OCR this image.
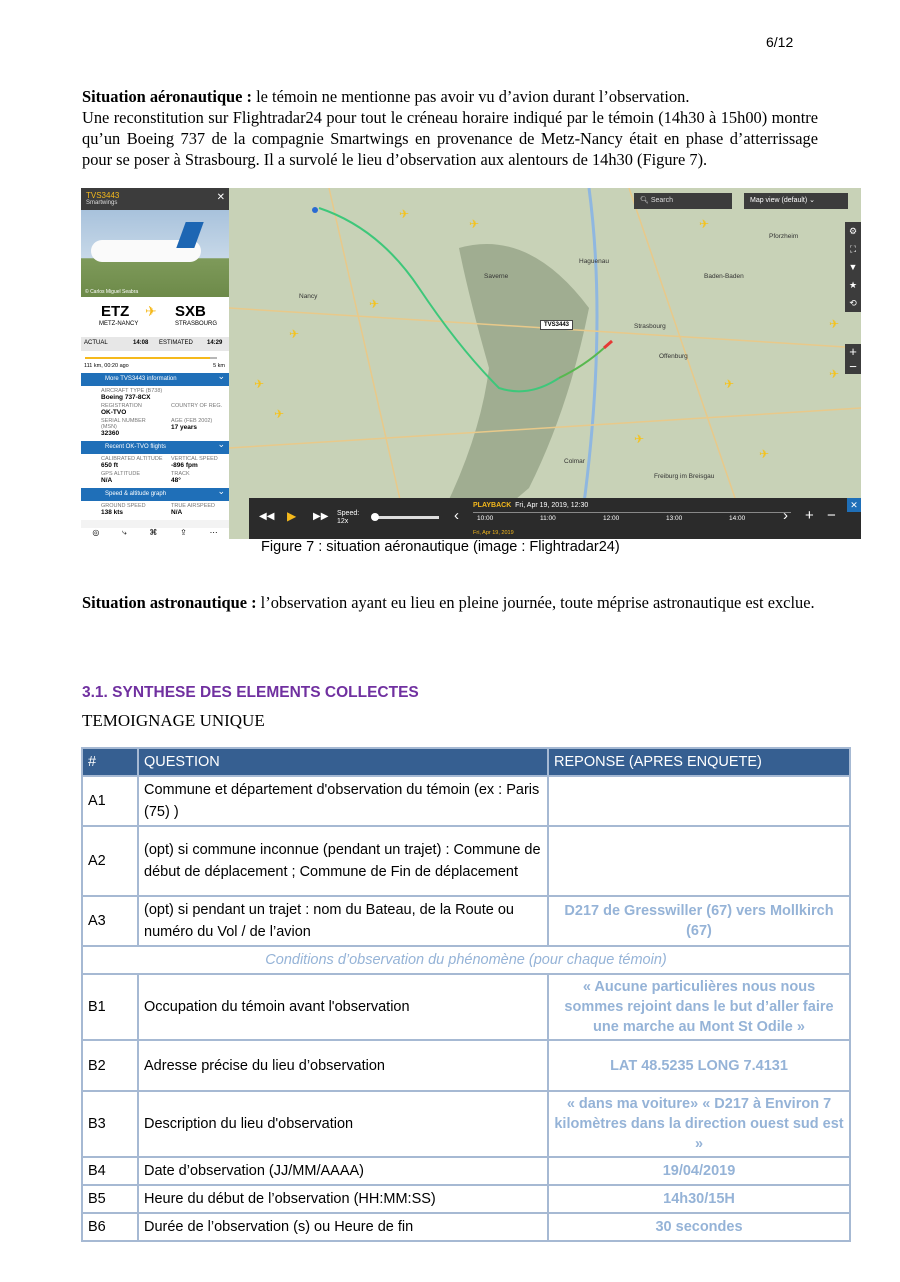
6/12
Situation aéronautique : le témoin ne mentionne pas avoir vu d’avion durant l’observation.
Une reconstitution sur Flightradar24 pour tout le créneau horaire indiqué par le témoin (14h30 à 15h00) montre qu’un Boeing 737 de la compagnie Smartwings en provenance de Metz-Nancy était en phase d’atterrissage pour se poser à Strasbourg. Il a survolé le lieu d’observation aux alentours de 14h30 (Figure 7).
Nancy
Saverne
Haguenau
Strasbourg
Offenburg
Colmar
Freiburg im Breisgau
Pforzheim
Baden-Baden
✈
✈	✈
✈
✈
✈
✈
✈
✈
✈
✈
✈
TVS3443
🔍︎ Search	Map view (default) ⌄
⚙
⛶
▼
★
⟲
+
−
TVS3443
Smartwings	✕
© Carlos Miguel Seabra
ETZ
METZ-NANCY
✈ SXB
STRASBOURG
ACTUAL	14:08 ESTIMATED 14:29
111 km, 00:20 ago	5 km
More TVS3443 information ⌄
AIRCRAFT TYPE (B738)
Boeing 737-8CX
REGISTRATION
OK-TVO
COUNTRY OF REG.
SERIAL NUMBER (MSN)
32360
AGE (FEB 2002)
17 years
Recent OK-TVO flights ⌄
CALIBRATED ALTITUDE
650 ft
VERTICAL SPEED
-896 fpm
GPS ALTITUDE
N/A
TRACK
48°
Speed & altitude graph ⌄
GROUND SPEED
138 kts
TRUE AIRSPEED
N/A
◎	⤷	⌘	⇪	⋯
◀◀ ▶ ▶▶ Speed:
12x	‹
PLAYBACK Fri, Apr 19, 2019, 12:30
10:00	11:00	12:00	13:00	14:00
Fri, Apr 19, 2019
› + −
✕
Figure 7 : situation aéronautique (image : Flightradar24)
Situation astronautique : l’observation ayant eu lieu en pleine journée, toute méprise astronautique est exclue.
3.1. SYNTHESE DES ELEMENTS COLLECTES
TEMOIGNAGE UNIQUE
#	QUESTION	REPONSE (APRES ENQUETE)
A1	Commune et département d'observation du témoin (ex : Paris (75) )	
A2	(opt) si commune inconnue (pendant un trajet) : Commune de début de déplacement ; Commune de Fin de déplacement	
A3	(opt) si pendant un trajet : nom du Bateau, de la Route ou numéro du Vol / de l’avion	D217 de Gresswiller (67) vers Mollkirch (67)
Conditions d’observation du phénomène (pour chaque témoin)		
B1	Occupation du témoin avant l'observation	« Aucune particulières nous nous sommes rejoint dans le but d’aller faire une marche au Mont St Odile »
B2	Adresse précise du lieu d’observation	LAT 48.5235 LONG 7.4131
B3	Description du lieu d'observation	« dans ma voiture» « D217 à Environ 7 kilomètres dans la direction ouest sud est »
B4	Date d’observation (JJ/MM/AAAA)	19/04/2019
B5	Heure du début de l’observation (HH:MM:SS)	14h30/15H
B6	Durée de l’observation (s) ou Heure de fin	30 secondes
